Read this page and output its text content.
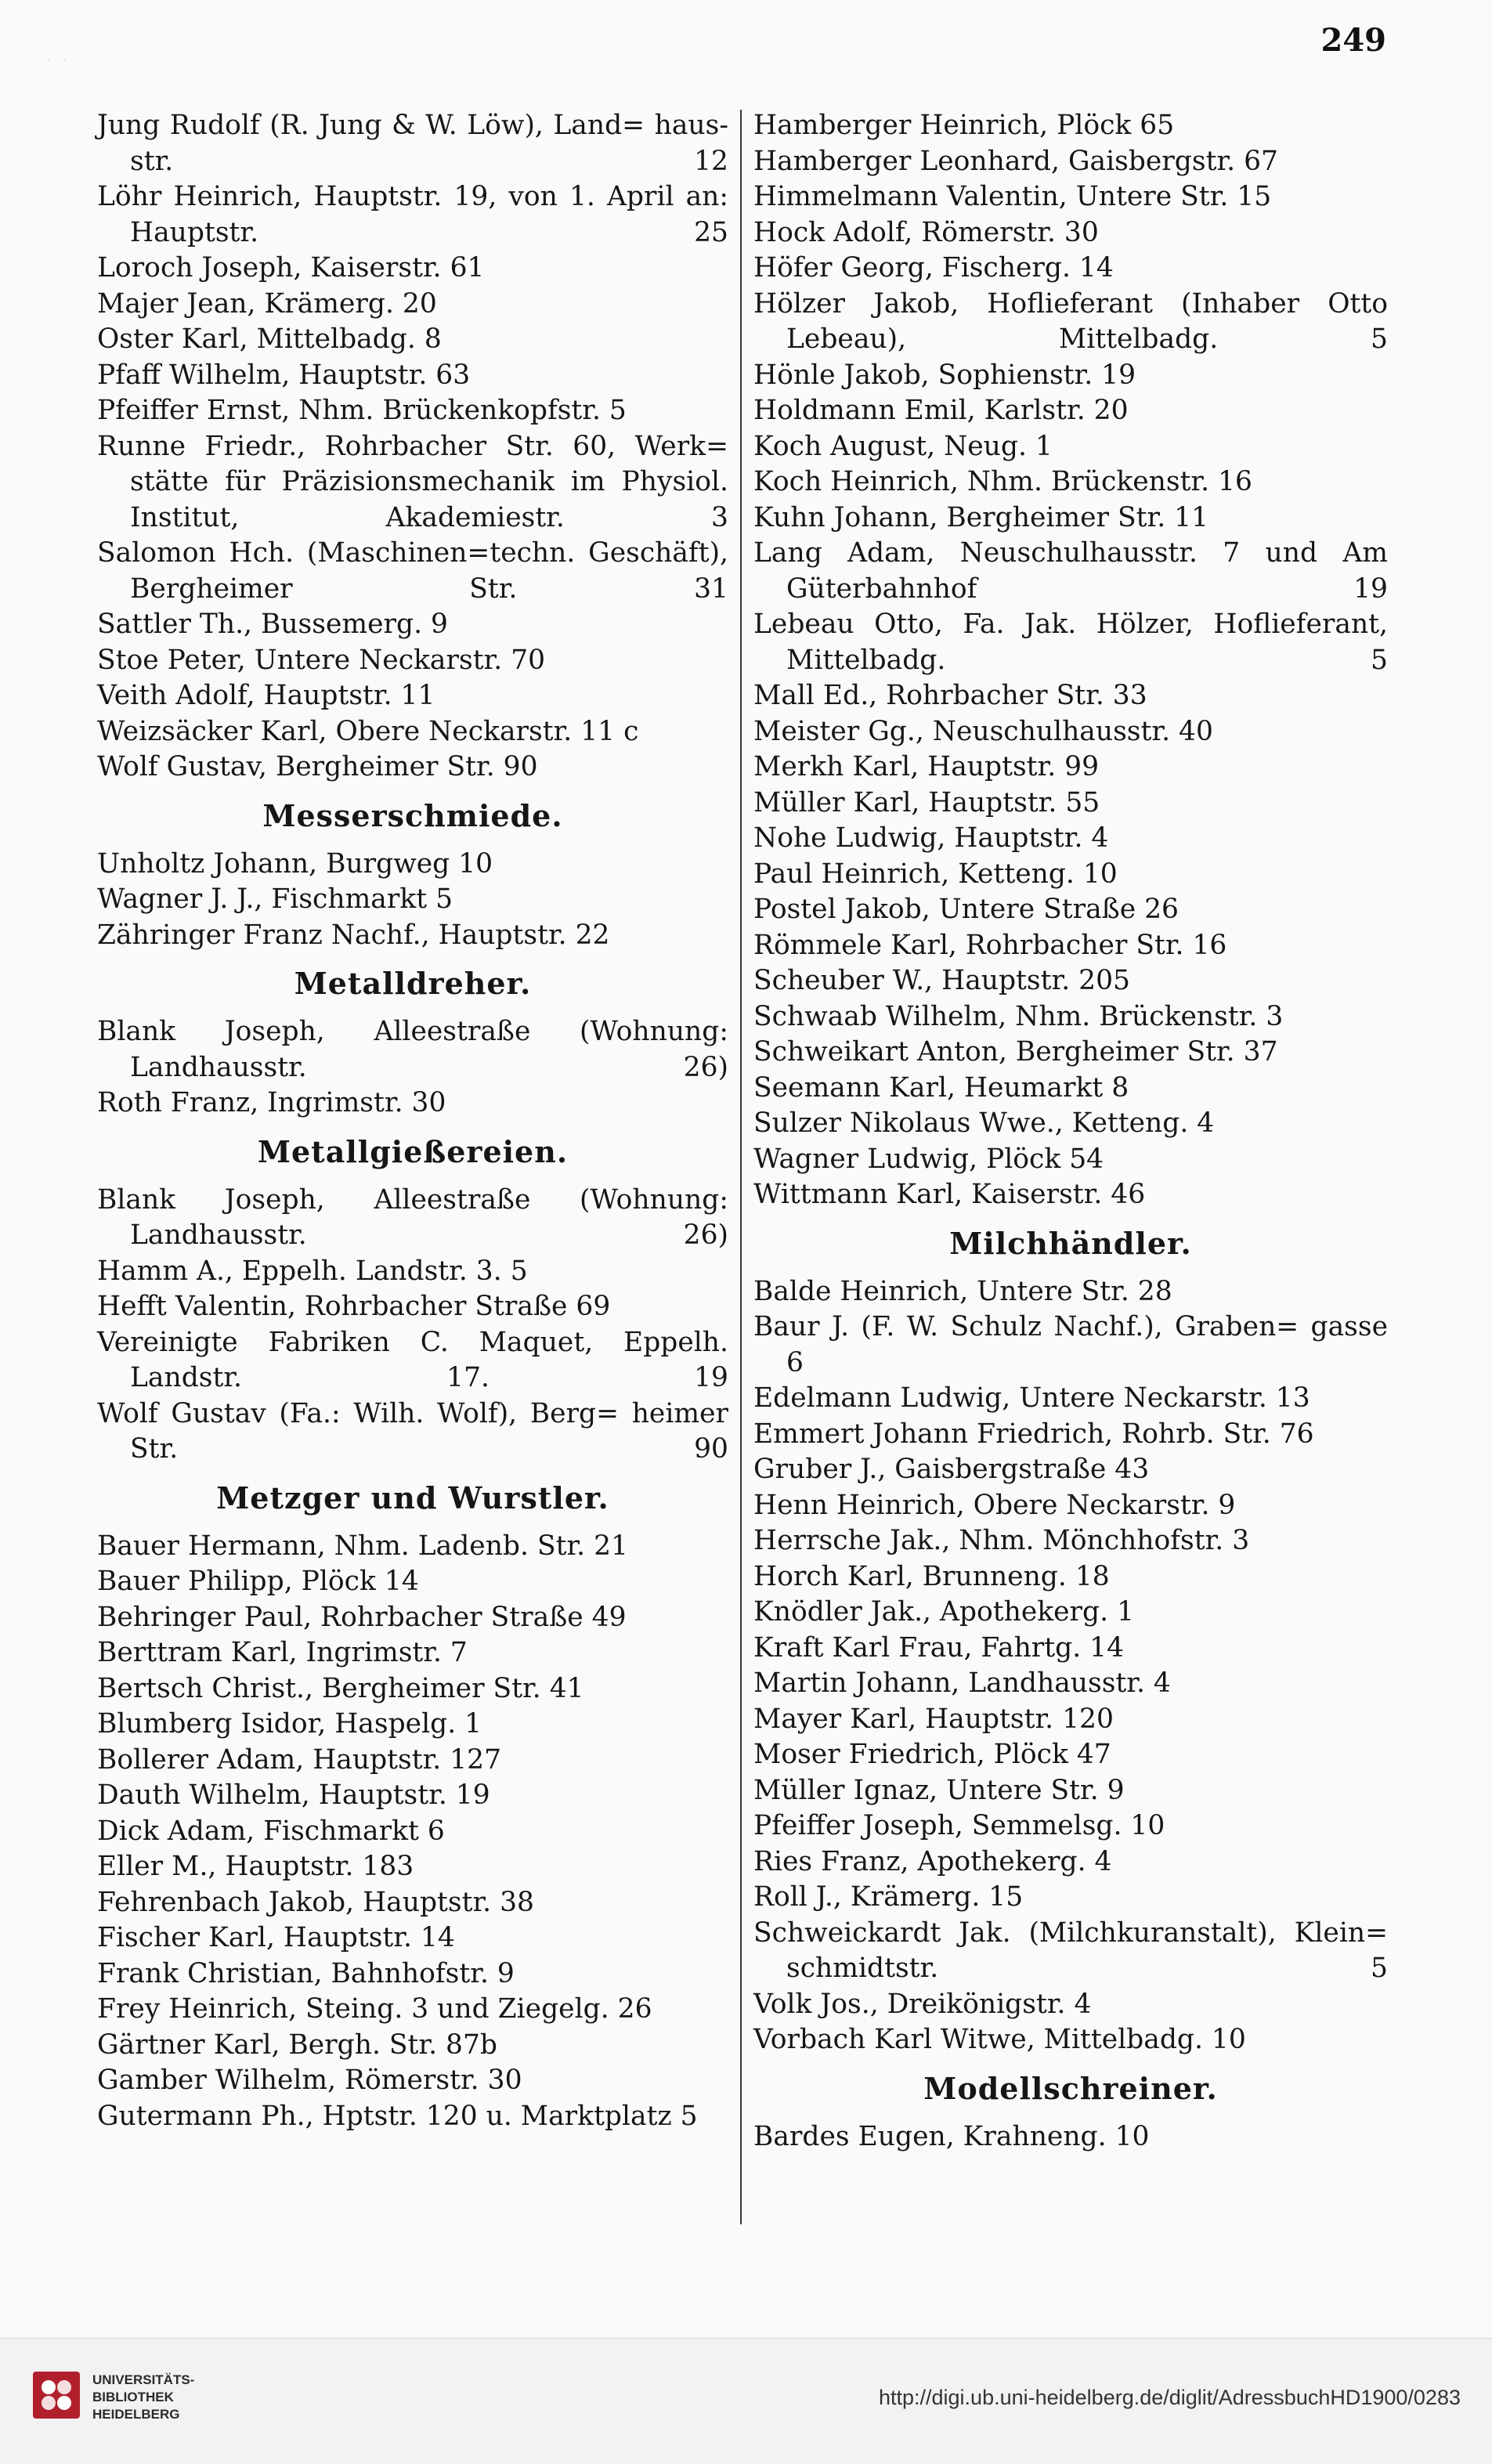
· ·
249
Jung Rudolf (R. Jung & W. Löw), Land= hausstr. 12
Löhr Heinrich, Hauptstr. 19, von 1. April an: Hauptstr. 25
Loroch Joseph, Kaiserstr. 61
Majer Jean, Krämerg. 20
Oster Karl, Mittelbadg. 8
Pfaff Wilhelm, Hauptstr. 63
Pfeiffer Ernst, Nhm. Brückenkopfstr. 5
Runne Friedr., Rohrbacher Str. 60, Werk= stätte für Präzisionsmechanik im Physiol. Institut, Akademiestr. 3
Salomon Hch. (Maschinen=techn. Geschäft), Bergheimer Str. 31
Sattler Th., Bussemerg. 9
Stoe Peter, Untere Neckarstr. 70
Veith Adolf, Hauptstr. 11
Weizsäcker Karl, Obere Neckarstr. 11 c
Wolf Gustav, Bergheimer Str. 90
Messerschmiede.
Unholtz Johann, Burgweg 10
Wagner J. J., Fischmarkt 5
Zähringer Franz Nachf., Hauptstr. 22
Metalldreher.
Blank Joseph, Alleestraße (Wohnung: Landhausstr. 26)
Roth Franz, Ingrimstr. 30
Metallgießereien.
Blank Joseph, Alleestraße (Wohnung: Landhausstr. 26)
Hamm A., Eppelh. Landstr. 3. 5
Hefft Valentin, Rohrbacher Straße 69
Vereinigte Fabriken C. Maquet, Eppelh. Landstr. 17. 19
Wolf Gustav (Fa.: Wilh. Wolf), Berg= heimer Str. 90
Metzger und Wurstler.
Bauer Hermann, Nhm. Ladenb. Str. 21
Bauer Philipp, Plöck 14
Behringer Paul, Rohrbacher Straße 49
Berttram Karl, Ingrimstr. 7
Bertsch Christ., Bergheimer Str. 41
Blumberg Isidor, Haspelg. 1
Bollerer Adam, Hauptstr. 127
Dauth Wilhelm, Hauptstr. 19
Dick Adam, Fischmarkt 6
Eller M., Hauptstr. 183
Fehrenbach Jakob, Hauptstr. 38
Fischer Karl, Hauptstr. 14
Frank Christian, Bahnhofstr. 9
Frey Heinrich, Steing. 3 und Ziegelg. 26
Gärtner Karl, Bergh. Str. 87b
Gamber Wilhelm, Römerstr. 30
Gutermann Ph., Hptstr. 120 u. Marktplatz 5
Hamberger Heinrich, Plöck 65
Hamberger Leonhard, Gaisbergstr. 67
Himmelmann Valentin, Untere Str. 15
Hock Adolf, Römerstr. 30
Höfer Georg, Fischerg. 14
Hölzer Jakob, Hoflieferant (Inhaber Otto Lebeau), Mittelbadg. 5
Hönle Jakob, Sophienstr. 19
Holdmann Emil, Karlstr. 20
Koch August, Neug. 1
Koch Heinrich, Nhm. Brückenstr. 16
Kuhn Johann, Bergheimer Str. 11
Lang Adam, Neuschulhausstr. 7 und Am Güterbahnhof 19
Lebeau Otto, Fa. Jak. Hölzer, Hoflieferant, Mittelbadg. 5
Mall Ed., Rohrbacher Str. 33
Meister Gg., Neuschulhausstr. 40
Merkh Karl, Hauptstr. 99
Müller Karl, Hauptstr. 55
Nohe Ludwig, Hauptstr. 4
Paul Heinrich, Ketteng. 10
Postel Jakob, Untere Straße 26
Römmele Karl, Rohrbacher Str. 16
Scheuber W., Hauptstr. 205
Schwaab Wilhelm, Nhm. Brückenstr. 3
Schweikart Anton, Bergheimer Str. 37
Seemann Karl, Heumarkt 8
Sulzer Nikolaus Wwe., Ketteng. 4
Wagner Ludwig, Plöck 54
Wittmann Karl, Kaiserstr. 46
Milchhändler.
Balde Heinrich, Untere Str. 28
Baur J. (F. W. Schulz Nachf.), Graben= gasse 6
Edelmann Ludwig, Untere Neckarstr. 13
Emmert Johann Friedrich, Rohrb. Str. 76
Gruber J., Gaisbergstraße 43
Henn Heinrich, Obere Neckarstr. 9
Herrsche Jak., Nhm. Mönchhofstr. 3
Horch Karl, Brunneng. 18
Knödler Jak., Apothekerg. 1
Kraft Karl Frau, Fahrtg. 14
Martin Johann, Landhausstr. 4
Mayer Karl, Hauptstr. 120
Moser Friedrich, Plöck 47
Müller Ignaz, Untere Str. 9
Pfeiffer Joseph, Semmelsg. 10
Ries Franz, Apothekerg. 4
Roll J., Krämerg. 15
Schweickardt Jak. (Milchkuranstalt), Klein= schmidtstr. 5
Volk Jos., Dreikönigstr. 4
Vorbach Karl Witwe, Mittelbadg. 10
Modellschreiner.
Bardes Eugen, Krahneng. 10
UNIVERSITÄTS-
BIBLIOTHEK
HEIDELBERG
http://digi.ub.uni-heidelberg.de/diglit/AdressbuchHD1900/0283
